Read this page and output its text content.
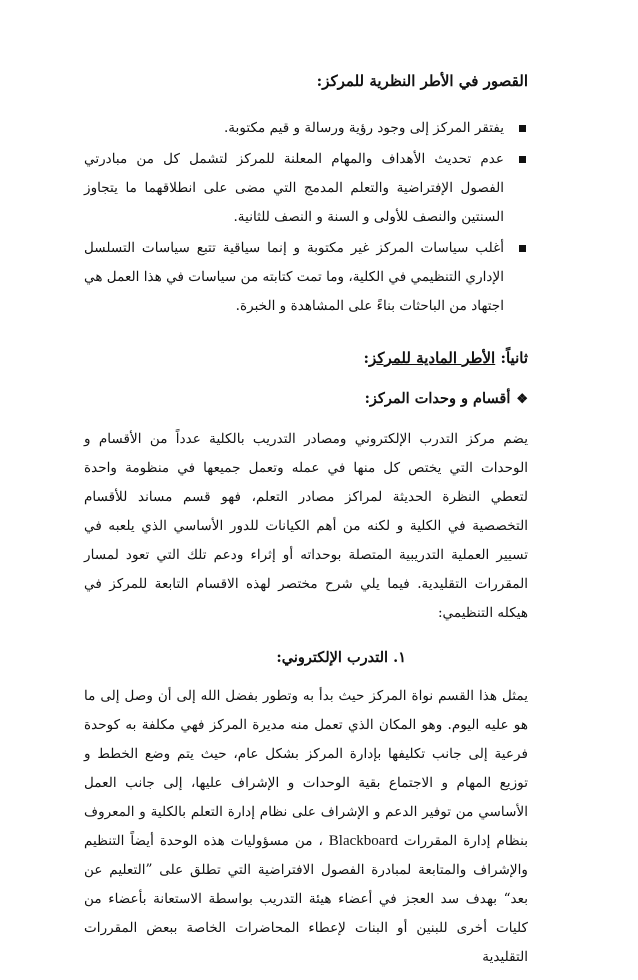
القصور في الأطر النظرية للمركز:
يفتقر المركز إلى وجود رؤية ورسالة و قيم مكتوبة.
عدم تحديث الأهداف والمهام المعلنة للمركز لتشمل كل من مبادرتي الفصول الإفتراضية والتعلم المدمج التي مضى على انطلاقهما ما يتجاوز السنتين والنصف للأولى و السنة و النصف للثانية.
أغلب سياسات المركز غير مكتوبة و إنما سياقية تتبع سياسات التسلسل الإداري التنظيمي في الكلية، وما تمت كتابته من سياسات في هذا العمل هي اجتهاد من الباحثات بناءً على المشاهدة و الخبرة.
ثانياً: الأطر المادية للمركز:
❖
أقسام و وحدات المركز:

يضم مركز التدرب الإلكتروني ومصادر التدريب بالكلية عدداً من الأقسام و الوحدات التي يختص كل منها في عمله وتعمل جميعها في منظومة واحدة لتعطي النظرة الحديثة لمراكز مصادر التعلم، فهو قسم مساند للأقسام التخصصية في الكلية و لكنه من أهم الكيانات للدور الأساسي الذي يلعبه في تسيير العملية التدريبية المتصلة بوحداته أو إثراء ودعم تلك التي تعود لمسار المقررات التقليدية. فيما يلي شرح مختصر لهذه الاقسام التابعة للمركز في هيكله التنظيمي:

١. التدرب الإلكتروني:

يمثل هذا القسم نواة المركز حيث بدأ به وتطور بفضل الله إلى أن وصل إلى ما هو عليه اليوم. وهو المكان الذي تعمل منه مديرة المركز فهي مكلفة به كوحدة فرعية إلى جانب تكليفها بإدارة المركز بشكل عام، حيث يتم وضع الخطط و توزيع المهام و الاجتماع بقية الوحدات و الإشراف عليها، إلى جانب العمل الأساسي من توفير الدعم و الإشراف على نظام إدارة التعلم بالكلية و المعروف بنظام إدارة المقررات Blackboard ، من مسؤوليات هذه الوحدة أيضاً التنظيم والإشراف والمتابعة لمبادرة الفصول الافتراضية التي تطلق على ”التعليم عن بعد“ بهدف سد العجز في أعضاء هيئة التدريب بواسطة الاستعانة بأعضاء من كليات أخرى للبنين أو البنات لإعطاء المحاضرات الخاصة ببعض المقررات التقليدية
